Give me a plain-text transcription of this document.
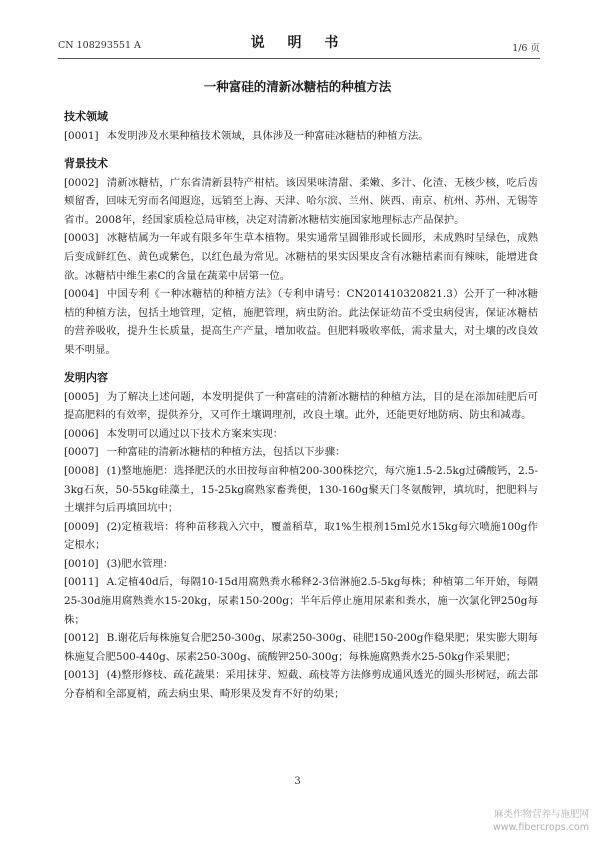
CN 108293551 A	说 明 书	1/6 页
一种富硅的清新冰糖桔的种植方法
技术领域

[0001] 本发明涉及水果种植技术领域，具体涉及一种富硅冰糖桔的种植方法。

背景技术

[0002] 清新冰糖桔，广东省清新县特产柑桔。该因果味清甜、柔嫩、多汁、化渣、无核少核，吃后齿颊留香，回味无穷而名闻遐迩，远销至上海、天津、哈尔滨、兰州、陕西、南京、杭州、苏州、无锡等省市。2008年，经国家质检总局审核，决定对清新冰糖桔实施国家地理标志产品保护。

[0003] 冰糖桔属为一年或有限多年生草本植物。果实通常呈圆锥形或长圆形，未成熟时呈绿色，成熟后变成鲜红色、黄色或紫色，以红色最为常见。冰糖桔的果实因果皮含有冰糖桔素而有辣味，能增进食欲。冰糖桔中维生素C的含量在蔬菜中居第一位。

[0004] 中国专利《一种冰糖桔的种植方法》（专利申请号：CN201410320821.3）公开了一种冰糖桔的种植方法，包括土地管理，定植，施肥管理，病虫防治。此法保证幼苗不受虫病侵害，保证冰糖桔的营养吸收，提升生长质量，提高生产产量，增加收益。但肥料吸收率低，需求量大，对土壤的改良效果不明显。

发明内容

[0005] 为了解决上述问题，本发明提供了一种富硅的清新冰糖桔的种植方法，目的是在添加硅肥后可提高肥料的有效率，提供养分，又可作土壤调理剂，改良土壤。此外，还能更好地防病、防虫和减毒。

[0006] 本发明可以通过以下技术方案来实现：

[0007] 一种富硅的清新冰糖桔的种植方法，包括以下步骤：

[0008] (1)整地施肥：选择肥沃的水田按每亩种植200-300株挖穴，每穴施1.5-2.5kg过磷酸钙，2.5-3kg石灰，50-55kg硅藻土，15-25kg腐熟家畜粪便，130-160g聚天门冬氨酸钾，填坑时，把肥料与土壤拌匀后再填回坑中；

[0009] (2)定植栽培：将种苗移栽入穴中，覆盖稻草，取1%生根剂15ml兑水15kg每穴喷施100g作定根水；

[0010] (3)肥水管理：

[0011] A.定植40d后，每隔10-15d用腐熟粪水稀释2-3倍淋施2.5-5kg每株；种植第二年开始，每隔25-30d施用腐熟粪水15-20kg，尿素150-200g；半年后停止施用尿素和粪水，施一次氯化钾250g每株；

[0012] B.谢花后每株施复合肥250-300g、尿素250-300g、硅肥150-200g作稳果肥；果实膨大期每株施复合肥500-440g、尿素250-300g、硫酸钾250-300g；每株施腐熟粪水25-50kg作采果肥；

[0013] (4)整形修枝、疏花蔬果：采用抹芽、短截、疏枝等方法修剪成通风透光的圆头形树冠，疏去部分春梢和全部夏梢，疏去病虫果、畸形果及发育不好的幼果；

3
麻类作物营养与施肥网
www.fibercrops.com
